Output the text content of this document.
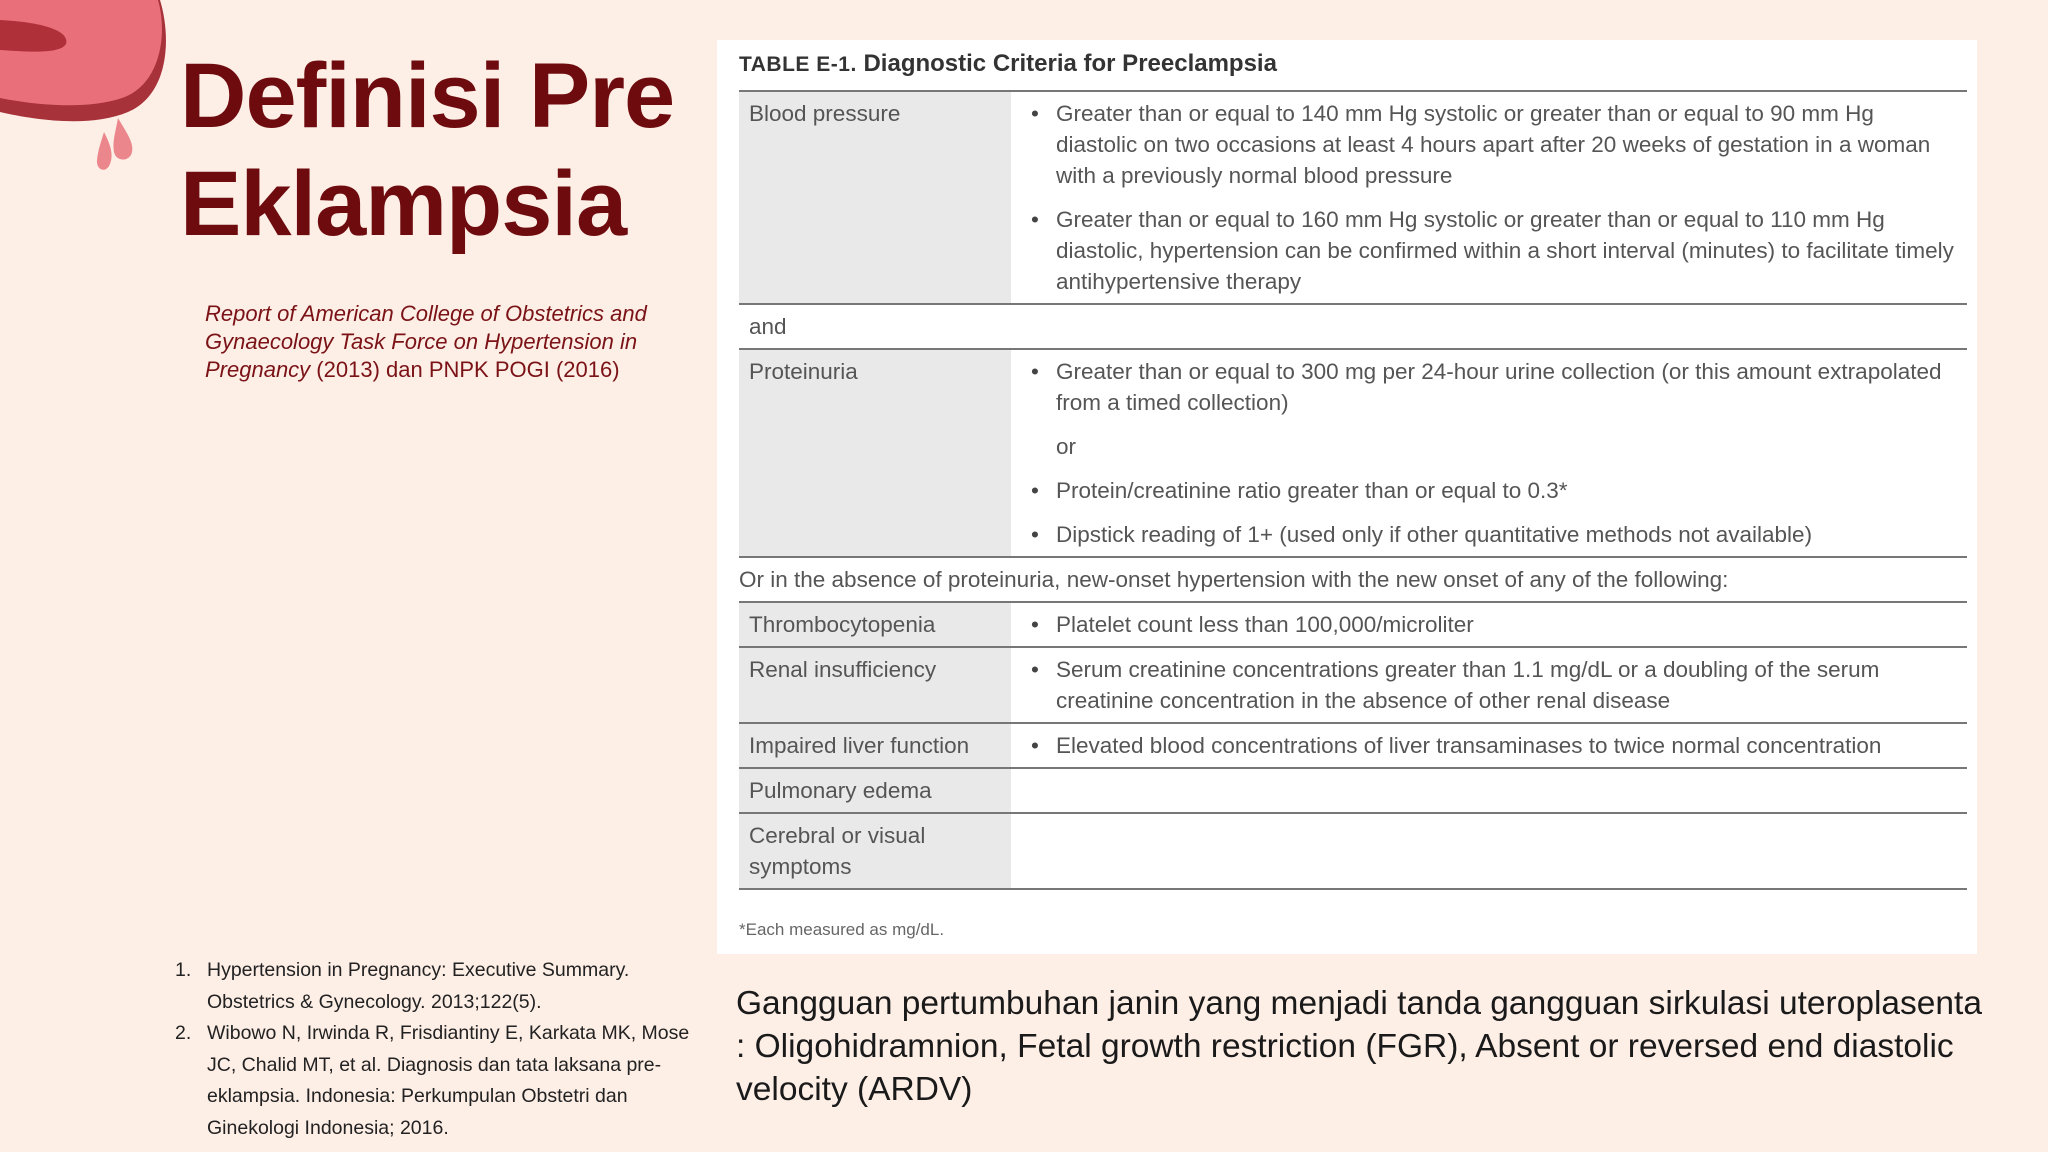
Definisi Pre
Eklampsia
Report of American College of Obstetrics and Gynaecology Task Force on Hypertension in Pregnancy (2013) dan PNPK POGI (2016)
1. Hypertension in Pregnancy: Executive Summary. Obstetrics & Gynecology. 2013;122(5).
2. Wibowo N, Irwinda R, Frisdiantiny E, Karkata MK, Mose JC, Chalid MT, et al. Diagnosis dan tata laksana pre-eklampsia. Indonesia: Perkumpulan Obstetri dan Ginekologi Indonesia; 2016.
TABLE E-1. Diagnostic Criteria for Preeclampsia
Blood pressure	• Greater than or equal to 140 mm Hg systolic or greater than or equal to 90 mm Hg diastolic on two occasions at least 4 hours apart after 20 weeks of gestation in a woman with a previously normal blood pressure
• Greater than or equal to 160 mm Hg systolic or greater than or equal to 110 mm Hg diastolic, hypertension can be confirmed within a short interval (minutes) to facilitate timely antihypertensive therapy
and
Proteinuria	• Greater than or equal to 300 mg per 24-hour urine collection (or this amount extrapolated from a timed collection)
or
• Protein/creatinine ratio greater than or equal to 0.3*
• Dipstick reading of 1+ (used only if other quantitative methods not available)
Or in the absence of proteinuria, new-onset hypertension with the new onset of any of the following:
Thrombocytopenia	• Platelet count less than 100,000/microliter
Renal insufficiency	• Serum creatinine concentrations greater than 1.1 mg/dL or a doubling of the serum creatinine concentration in the absence of other renal disease
Impaired liver function	• Elevated blood concentrations of liver transaminases to twice normal concentration
Pulmonary edema
Cerebral or visual symptoms
*Each measured as mg/dL.

Gangguan pertumbuhan janin yang menjadi tanda gangguan sirkulasi uteroplasenta : Oligohidramnion, Fetal growth restriction (FGR), Absent or reversed end diastolic velocity (ARDV)
